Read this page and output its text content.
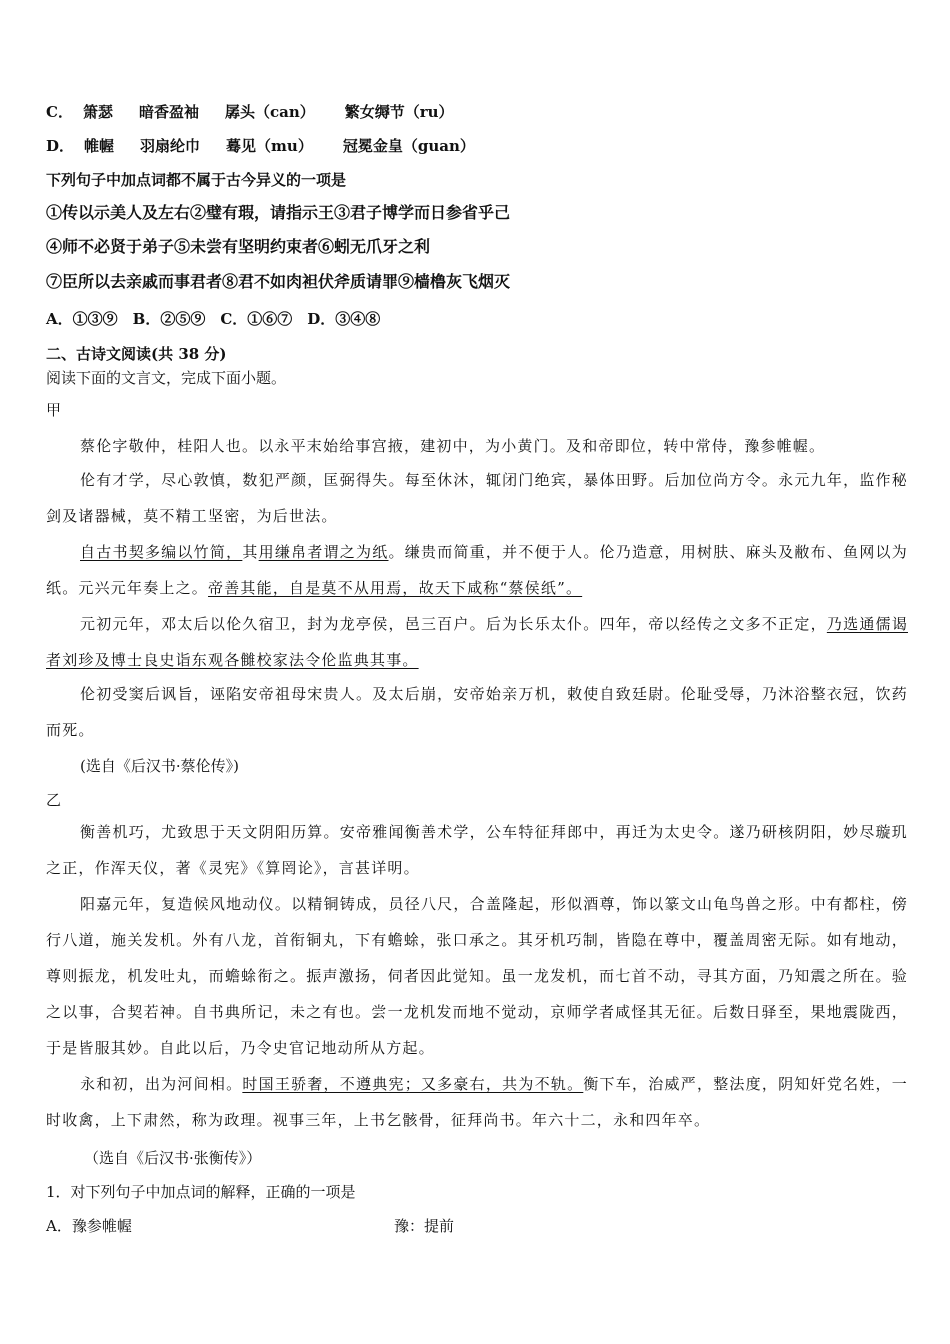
C． 箫瑟 暗香盈袖 孱头（can） 繁女缛节（ru）
D． 帷幄 羽扇纶巾 蓦见（mu） 冠冕金皇（guan）
下列句子中加点词都不属于古今异义的一项是
①传以示美人及左右②璧有瑕，请指示王③君子博学而日参省乎己
④师不必贤于弟子⑤未尝有坚明约束者⑥蚓无爪牙之利
⑦臣所以去亲戚而事君者⑧君不如肉袒伏斧质请罪⑨樯橹灰飞烟灭
A．①③⑨　B．②⑤⑨　C．①⑥⑦　D．③④⑧
二、古诗文阅读(共 38 分)
阅读下面的文言文，完成下面小题。
甲
蔡伦字敬仲，桂阳人也。以永平末始给事宫掖，建初中，为小黄门。及和帝即位，转中常侍，豫参帷幄。
伦有才学，尽心敦慎，数犯严颜，匡弼得失。每至休沐，辄闭门绝宾，暴体田野。后加位尚方令。永元九年，监作秘剑及诸器械，莫不精工坚密，为后世法。
自古书契多编以竹简，其用缣帛者谓之为纸。缣贵而简重，并不便于人。伦乃造意，用树肤、麻头及敝布、鱼网以为纸。元兴元年奏上之。帝善其能，自是莫不从用焉，故天下咸称“蔡侯纸”。
元初元年，邓太后以伦久宿卫，封为龙亭侯，邑三百户。后为长乐太仆。四年，帝以经传之文多不正定，乃选通儒谒者刘珍及博士良史诣东观各雠校家法令伦监典其事。
伦初受窦后讽旨，诬陷安帝祖母宋贵人。及太后崩，安帝始亲万机，敕使自致廷尉。伦耻受辱，乃沐浴整衣冠，饮药而死。
(选自《后汉书·蔡伦传》)
乙
衡善机巧，尤致思于天文阴阳历算。安帝雅闻衡善术学，公车特征拜郎中，再迁为太史令。遂乃研核阴阳，妙尽璇玑之正，作浑天仪，著《灵宪》《算罔论》，言甚详明。
阳嘉元年，复造候风地动仪。以精铜铸成，员径八尺，合盖隆起，形似酒尊，饰以篆文山龟鸟兽之形。中有都柱，傍行八道，施关发机。外有八龙，首衔铜丸，下有蟾蜍，张口承之。其牙机巧制，皆隐在尊中，覆盖周密无际。如有地动，尊则振龙，机发吐丸，而蟾蜍衔之。振声激扬，伺者因此觉知。虽一龙发机，而七首不动，寻其方面，乃知震之所在。验之以事，合契若神。自书典所记，未之有也。尝一龙机发而地不觉动，京师学者咸怪其无征。后数日驿至，果地震陇西，于是皆服其妙。自此以后，乃令史官记地动所从方起。
永和初，出为河间相。时国王骄奢，不遵典宪；又多豪右，共为不轨。衡下车，治威严，整法度，阴知奸党名姓，一时收禽，上下肃然，称为政理。视事三年，上书乞骸骨，征拜尚书。年六十二，永和四年卒。
（选自《后汉书·张衡传》）
1．对下列句子中加点词的解释，正确的一项是
A．豫参帷幄	豫：提前
